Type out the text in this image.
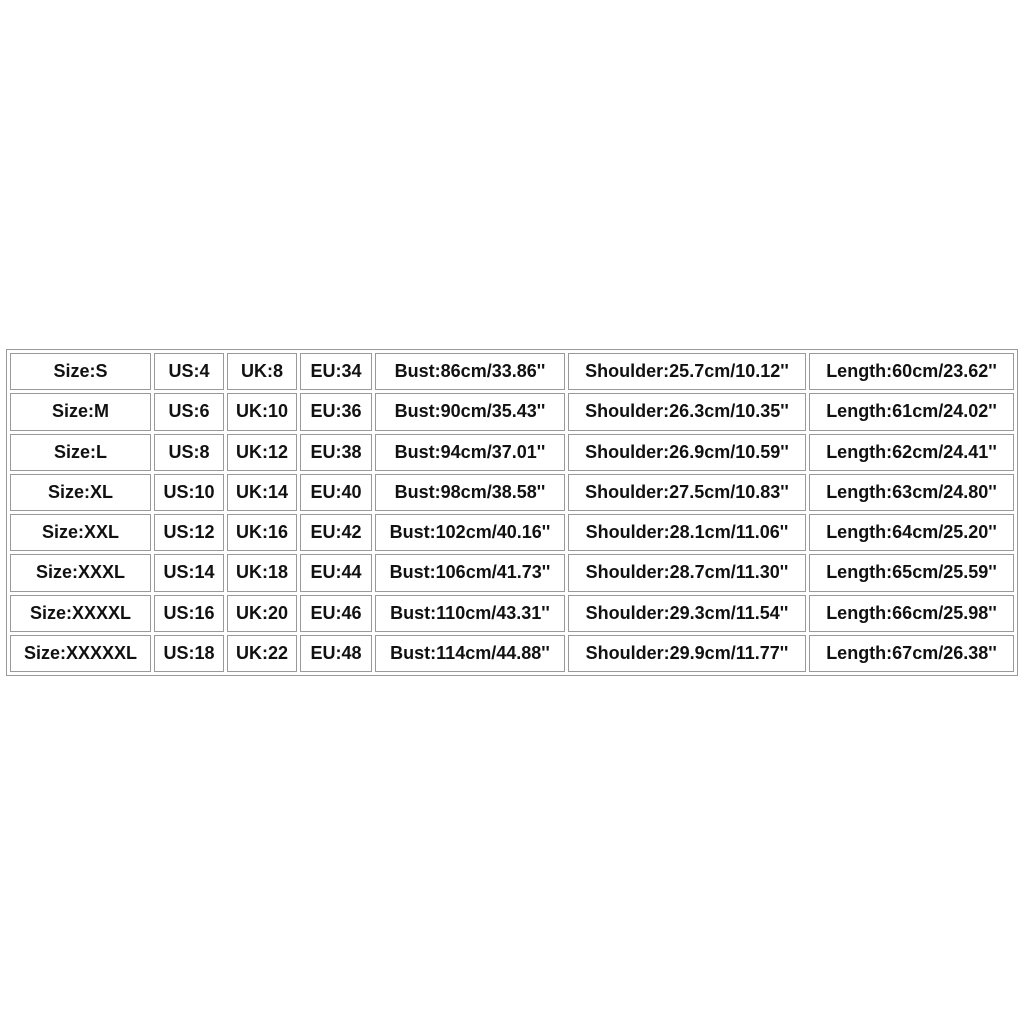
Size:S	US:4	UK:8	EU:34	Bust:86cm/33.86''	Shoulder:25.7cm/10.12''	Length:60cm/23.62''
Size:M	US:6	UK:10	EU:36	Bust:90cm/35.43''	Shoulder:26.3cm/10.35''	Length:61cm/24.02''
Size:L	US:8	UK:12	EU:38	Bust:94cm/37.01''	Shoulder:26.9cm/10.59''	Length:62cm/24.41''
Size:XL	US:10	UK:14	EU:40	Bust:98cm/38.58''	Shoulder:27.5cm/10.83''	Length:63cm/24.80''
Size:XXL	US:12	UK:16	EU:42	Bust:102cm/40.16''	Shoulder:28.1cm/11.06''	Length:64cm/25.20''
Size:XXXL	US:14	UK:18	EU:44	Bust:106cm/41.73''	Shoulder:28.7cm/11.30''	Length:65cm/25.59''
Size:XXXXL	US:16	UK:20	EU:46	Bust:110cm/43.31''	Shoulder:29.3cm/11.54''	Length:66cm/25.98''
Size:XXXXXL	US:18	UK:22	EU:48	Bust:114cm/44.88''	Shoulder:29.9cm/11.77''	Length:67cm/26.38''
